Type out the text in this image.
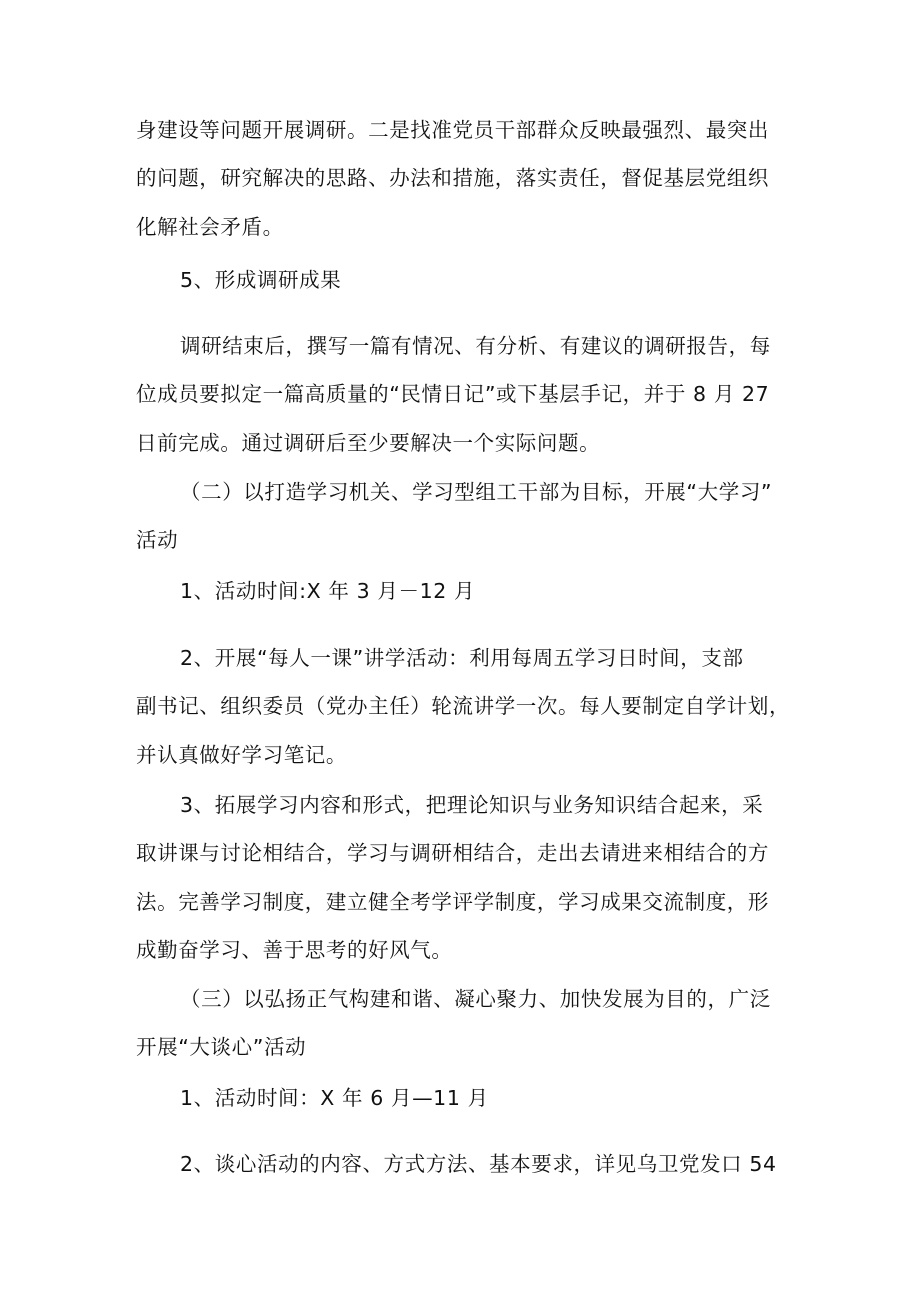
身建设等问题开展调研。二是找准党员干部群众反映最强烈、最突出
的问题，研究解决的思路、办法和措施，落实责任，督促基层党组织
化解社会矛盾。
5、形成调研成果
调研结束后，撰写一篇有情况、有分析、有建议的调研报告，每
位成员要拟定一篇高质量的“民情日记”或下基层手记，并于 8 月 27
日前完成。通过调研后至少要解决一个实际问题。
（二）以打造学习机关、学习型组工干部为目标，开展“大学习”
活动
1、活动时间:X 年 3 月－12 月
2、开展“每人一课”讲学活动：利用每周五学习日时间，支部
副书记、组织委员（党办主任）轮流讲学一次。每人要制定自学计划，
并认真做好学习笔记。
3、拓展学习内容和形式，把理论知识与业务知识结合起来，采
取讲课与讨论相结合，学习与调研相结合，走出去请进来相结合的方
法。完善学习制度，建立健全考学评学制度，学习成果交流制度，形
成勤奋学习、善于思考的好风气。
（三）以弘扬正气构建和谐、凝心聚力、加快发展为目的，广泛
开展“大谈心”活动
1、活动时间：X 年 6 月—11 月
2、谈心活动的内容、方式方法、基本要求，详见乌卫党发口 54
